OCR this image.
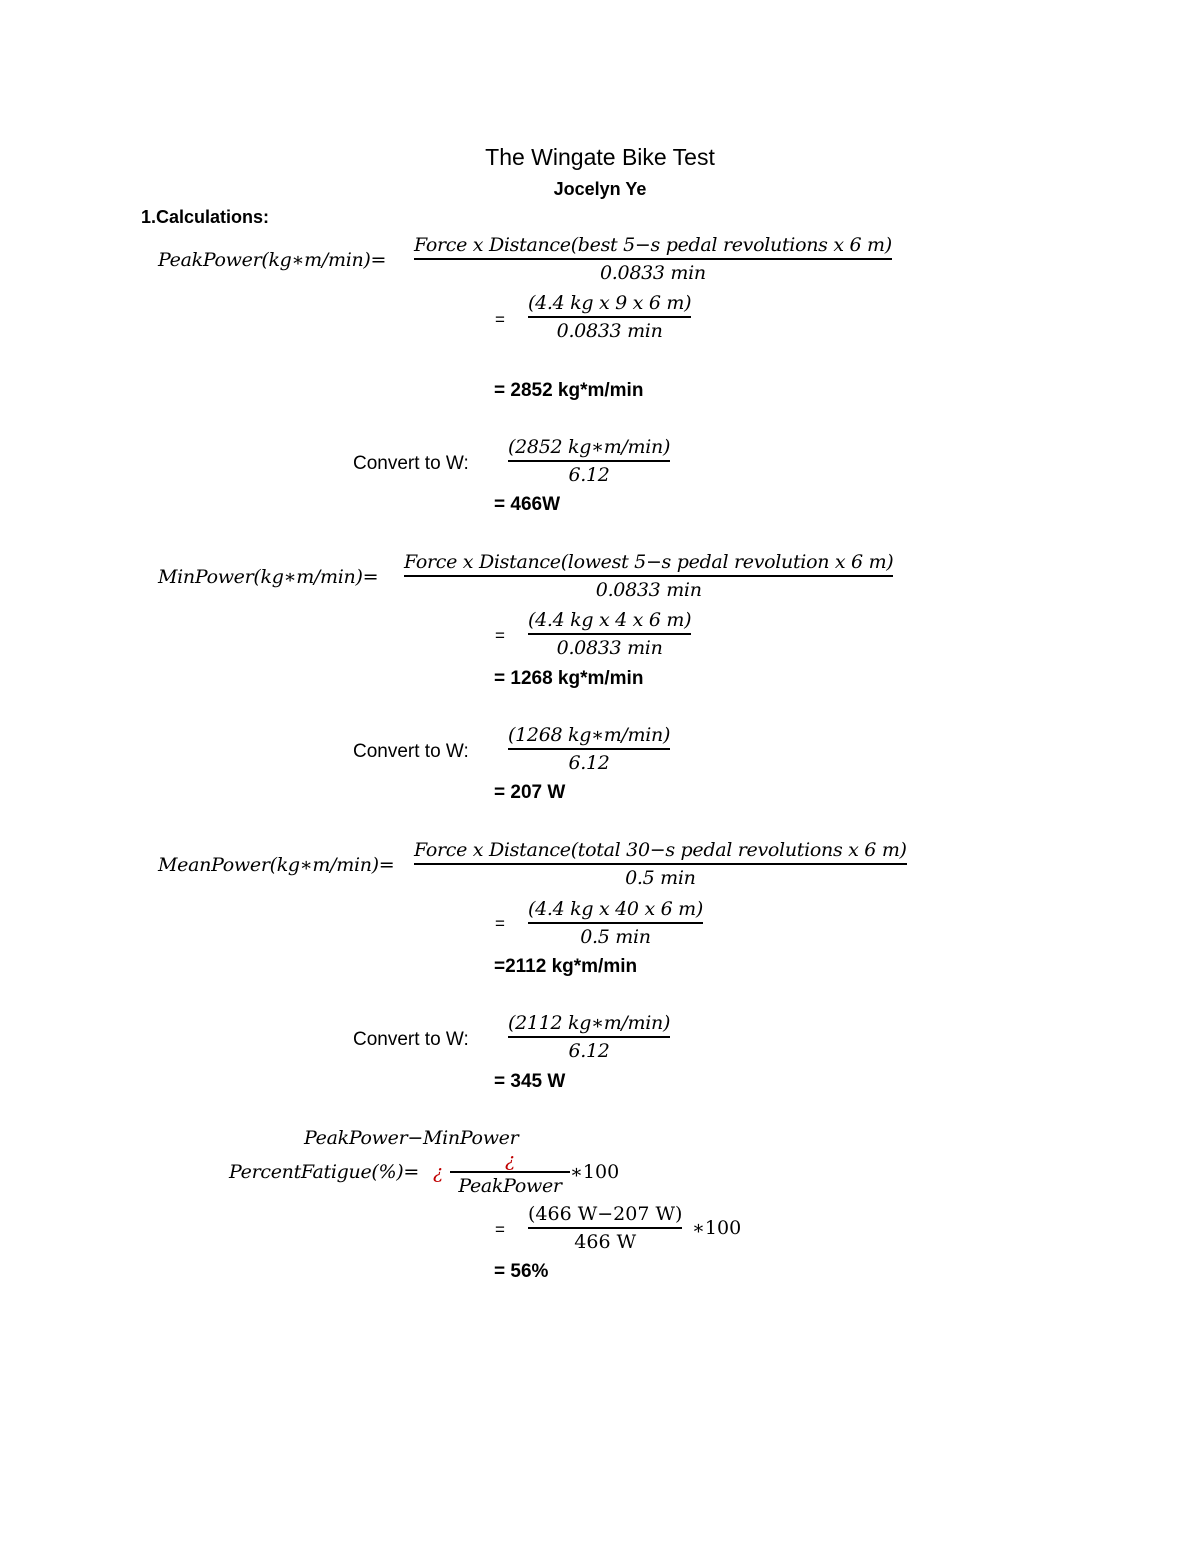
The Wingate Bike Test
Jocelyn Ye
1.Calculations:
PeakPower(kg∗m/min)=
Force x Distance(best 5−s pedal revolutions x 6 m)
0.0833 min
=
(4.4 kg x 9 x 6 m)
0.0833 min
= 2852 kg*m/min
Convert to W:
(2852 kg∗m/min)
6.12
= 466W
MinPower(kg∗m/min)=
Force x Distance(lowest 5−s pedal revolution x 6 m)
0.0833 min
=
(4.4 kg x 4 x 6 m)
0.0833 min
= 1268 kg*m/min
Convert to W:
(1268 kg∗m/min)
6.12
= 207 W
MeanPower(kg∗m/min)=
Force x Distance(total 30−s pedal revolutions x 6 m)
0.5 min
=
(4.4 kg x 40 x 6 m)
0.5 min
=2112 kg*m/min
Convert to W:
(2112 kg∗m/min)
6.12
= 345 W
PeakPower−MinPower
PercentFatigue(%)= ¿
¿
PeakPower
∗100
=
(466 W−207 W)
466 W
∗100
= 56%
